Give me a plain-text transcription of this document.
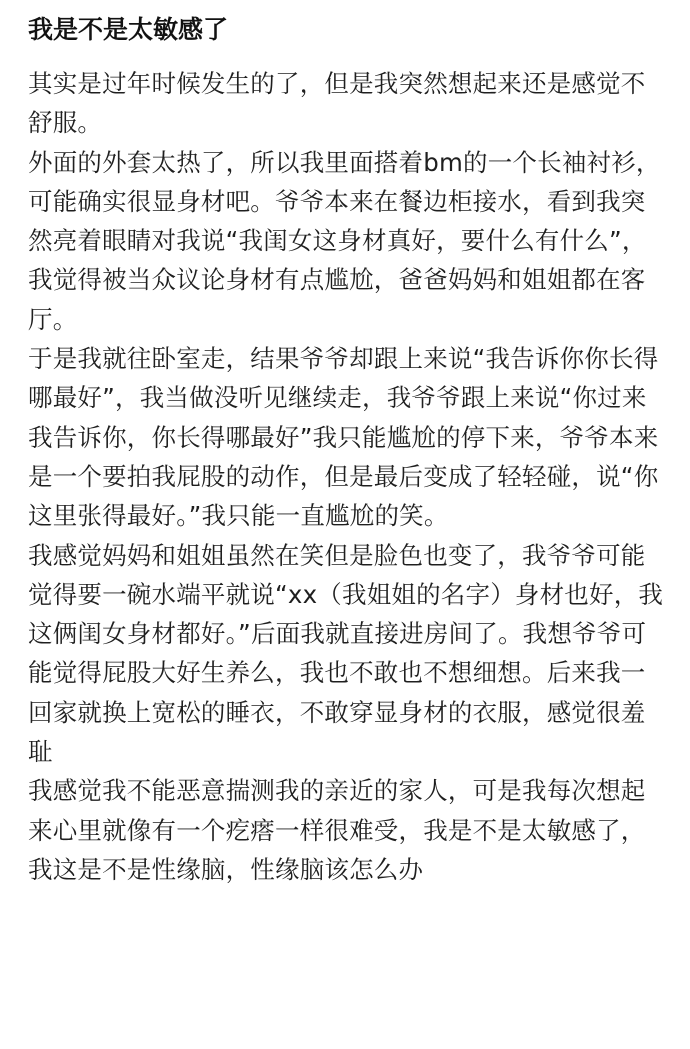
我是不是太敏感了

其实是过年时候发生的了，但是我突然想起来还是感觉不舒服。

外面的外套太热了，所以我里面搭着bm的一个长袖衬衫，可能确实很显身材吧。爷爷本来在餐边柜接水，看到我突然亮着眼睛对我说“我闺女这身材真好，要什么有什么”，我觉得被当众议论身材有点尴尬，爸爸妈妈和姐姐都在客厅。

于是我就往卧室走，结果爷爷却跟上来说“我告诉你你长得哪最好”，我当做没听见继续走，我爷爷跟上来说“你过来我告诉你，你长得哪最好”我只能尴尬的停下来，爷爷本来是一个要拍我屁股的动作，但是最后变成了轻轻碰，说“你这里张得最好。”我只能一直尴尬的笑。

我感觉妈妈和姐姐虽然在笑但是脸色也变了，我爷爷可能觉得要一碗水端平就说“xx（我姐姐的名字）身材也好，我这俩闺女身材都好。”后面我就直接进房间了。我想爷爷可能觉得屁股大好生养么，我也不敢也不想细想。后来我一回家就换上宽松的睡衣，不敢穿显身材的衣服，感觉很羞耻

我感觉我不能恶意揣测我的亲近的家人，可是我每次想起来心里就像有一个疙瘩一样很难受，我是不是太敏感了，我这是不是性缘脑，性缘脑该怎么办
